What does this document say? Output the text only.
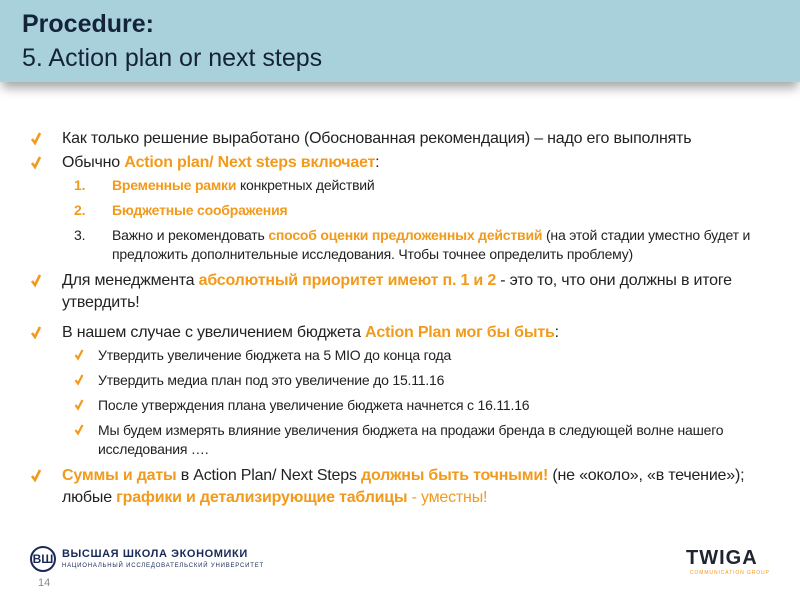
Procedure:
5. Action plan or next steps
Как только решение выработано (Обоснованная рекомендация) – надо его выполнять
Обычно Action plan/ Next steps включает:
1. Временные рамки конкретных действий
2. Бюджетные соображения
3. Важно и рекомендовать способ оценки предложенных действий (на этой стадии уместно будет и предложить дополнительные исследования. Чтобы точнее определить проблему)
Для менеджмента абсолютный приоритет имеют п. 1 и 2 - это то, что они должны в итоге утвердить!
В нашем случае с увеличением бюджета Action Plan мог бы быть:
Утвердить увеличение бюджета на 5 MIO до конца года
Утвердить медиа план под это увеличение до 15.11.16
После утверждения плана увеличение бюджета начнется с 16.11.16
Мы будем измерять влияние увеличения бюджета на продажи бренда в следующей волне нашего исследования ….
Суммы и даты в Action Plan/ Next Steps должны быть точными! (не «около», «в течение»); любые графики и детализирующие таблицы - уместны!
ВШ ВЫСШАЯ ШКОЛА ЭКОНОМИКИ
НАЦИОНАЛЬНЫЙ ИССЛЕДОВАТЕЛЬСКИЙ УНИВЕРСИТЕТ
14
TWIGA
COMMUNICATION GROUP
